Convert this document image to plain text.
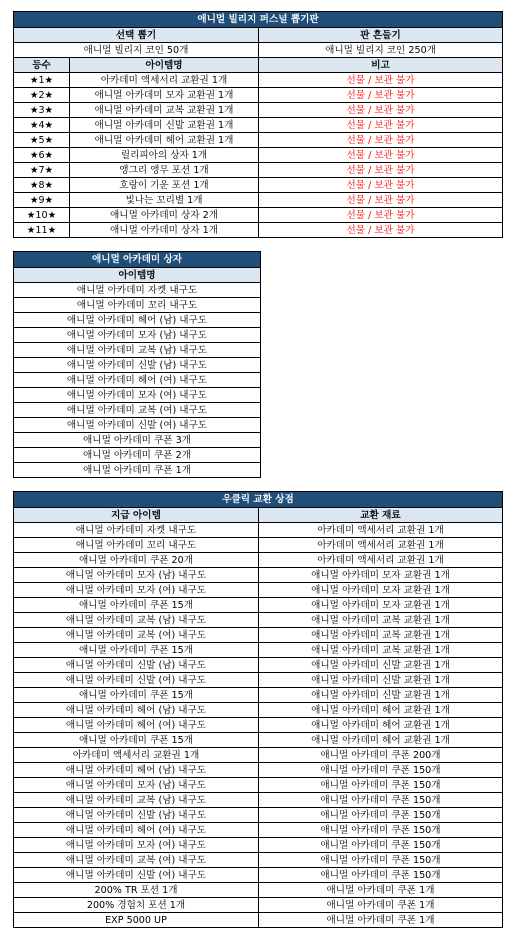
애니멀 빌리지 퍼스널 뽑기판		
선택 뽑기		판 흔들기
애니멀 빌리지 코인 50개		애니멀 빌리지 코인 250개
등수	아이템명	비고
★1★	아카데미 액세서리 교환권 1개	선물 / 보관 불가
★2★	애니멀 아카데미 모자 교환권 1개	선물 / 보관 불가
★3★	애니멀 아카데미 교복 교환권 1개	선물 / 보관 불가
★4★	애니멀 아카데미 신발 교환권 1개	선물 / 보관 불가
★5★	애니멀 아카데미 헤어 교환권 1개	선물 / 보관 불가
★6★	릴리피아의 상자 1개	선물 / 보관 불가
★7★	앵그리 앵무 포션 1개	선물 / 보관 불가
★8★	호랑이 기운 포션 1개	선물 / 보관 불가
★9★	빛나는 꼬리별 1개	선물 / 보관 불가
★10★	애니멀 아카데미 상자 2개	선물 / 보관 불가
★11★	애니멀 아카데미 상자 1개	선물 / 보관 불가
애니멀 아카데미 상자
아이템명
애니멀 아카데미 자켓 내구도
애니멀 아카데미 꼬리 내구도
애니멀 아카데미 헤어 (남) 내구도
애니멀 아카데미 모자 (남) 내구도
애니멀 아카데미 교복 (남) 내구도
애니멀 아카데미 신발 (남) 내구도
애니멀 아카데미 헤어 (여) 내구도
애니멀 아카데미 모자 (여) 내구도
애니멀 아카데미 교복 (여) 내구도
애니멀 아카데미 신발 (여) 내구도
애니멀 아카데미 쿠폰 3개
애니멀 아카데미 쿠폰 2개
애니멀 아카데미 쿠폰 1개
우클릭 교환 상점	
지급 아이템	교환 재료
애니멀 아카데미 자켓 내구도	아카데미 액세서리 교환권 1개
애니멀 아카데미 꼬리 내구도	아카데미 액세서리 교환권 1개
애니멀 아카데미 쿠폰 20개	아카데미 액세서리 교환권 1개
애니멀 아카데미 모자 (남) 내구도	애니멀 아카데미 모자 교환권 1개
애니멀 아카데미 모자 (여) 내구도	애니멀 아카데미 모자 교환권 1개
애니멀 아카데미 쿠폰 15개	애니멀 아카데미 모자 교환권 1개
애니멀 아카데미 교복 (남) 내구도	애니멀 아카데미 교복 교환권 1개
애니멀 아카데미 교복 (여) 내구도	애니멀 아카데미 교복 교환권 1개
애니멀 아카데미 쿠폰 15개	애니멀 아카데미 교복 교환권 1개
애니멀 아카데미 신발 (남) 내구도	애니멀 아카데미 신발 교환권 1개
애니멀 아카데미 신발 (여) 내구도	애니멀 아카데미 신발 교환권 1개
애니멀 아카데미 쿠폰 15개	애니멀 아카데미 신발 교환권 1개
애니멀 아카데미 헤어 (남) 내구도	애니멀 아카데미 헤어 교환권 1개
애니멀 아카데미 헤어 (여) 내구도	애니멀 아카데미 헤어 교환권 1개
애니멀 아카데미 쿠폰 15개	애니멀 아카데미 헤어 교환권 1개
아카데미 액세서리 교환권 1개	애니멀 아카데미 쿠폰 200개
애니멀 아카데미 헤어 (남) 내구도	애니멀 아카데미 쿠폰 150개
애니멀 아카데미 모자 (남) 내구도	애니멀 아카데미 쿠폰 150개
애니멀 아카데미 교복 (남) 내구도	애니멀 아카데미 쿠폰 150개
애니멀 아카데미 신발 (남) 내구도	애니멀 아카데미 쿠폰 150개
애니멀 아카데미 헤어 (여) 내구도	애니멀 아카데미 쿠폰 150개
애니멀 아카데미 모자 (여) 내구도	애니멀 아카데미 쿠폰 150개
애니멀 아카데미 교복 (여) 내구도	애니멀 아카데미 쿠폰 150개
애니멀 아카데미 신발 (여) 내구도	애니멀 아카데미 쿠폰 150개
200% TR 포션 1개	애니멀 아카데미 쿠폰 1개
200% 경험치 포션 1개	애니멀 아카데미 쿠폰 1개
EXP 5000 UP	애니멀 아카데미 쿠폰 1개
